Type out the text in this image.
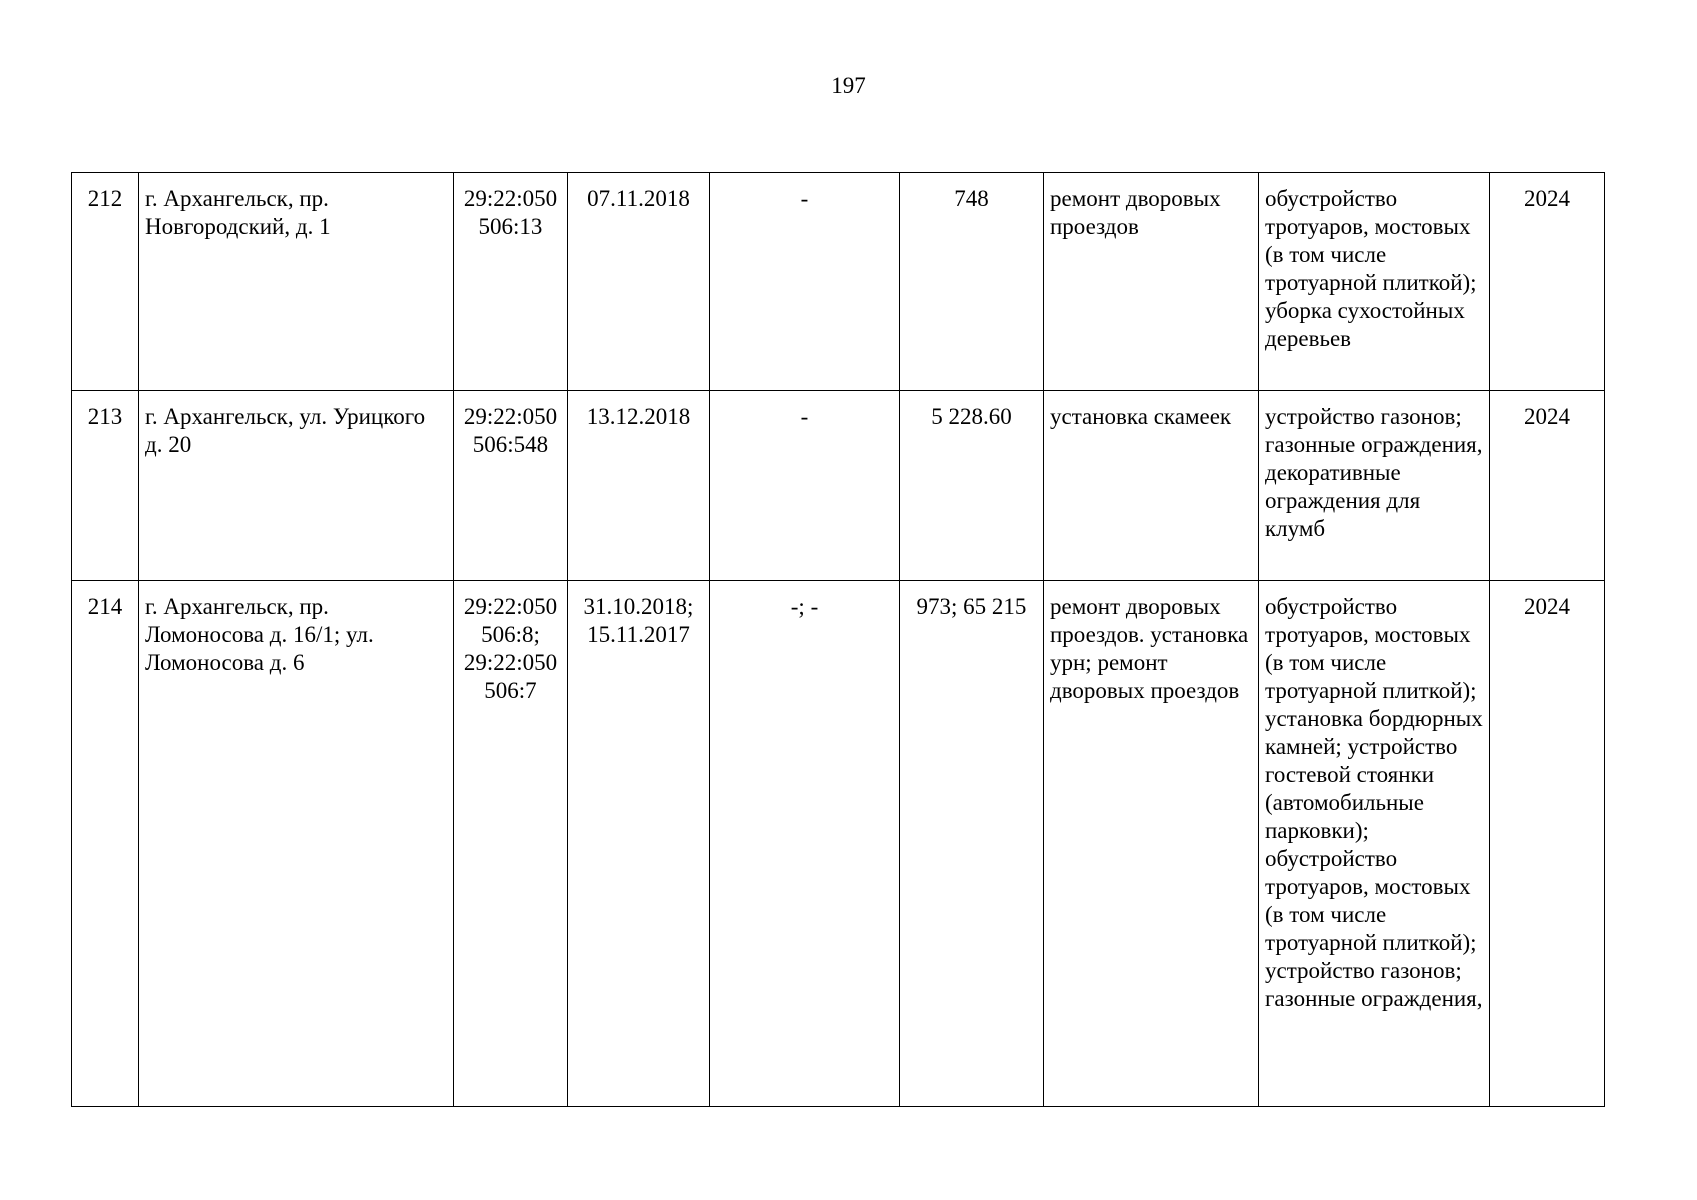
197
212	г. Архангельск, пр. Новгородский, д. 1	29:22:050 506:13	07.11.2018	-	748	ремонт дворовых проездов	обустройство тротуаров, мостовых (в том числе тротуарной плиткой); уборка сухостойных деревьев	2024
213	г. Архангельск, ул. Урицкого д. 20	29:22:050 506:548	13.12.2018	-	5 228.60	установка скамеек	устройство газонов; газонные ограждения, декоративные ограждения для клумб	2024
214	г. Архангельск, пр. Ломоносова д. 16/1; ул. Ломоносова д. 6	29:22:050 506:8; 29:22:050 506:7	31.10.2018; 15.11.2017	-; -	973; 65 215	ремонт дворовых проездов. установка урн; ремонт дворовых проездов	обустройство тротуаров, мостовых (в том числе тротуарной плиткой); установка бордюрных камней; устройство гостевой стоянки (автомобильные парковки); обустройство тротуаров, мостовых (в том числе тротуарной плиткой); устройство газонов; газонные ограждения,	2024
